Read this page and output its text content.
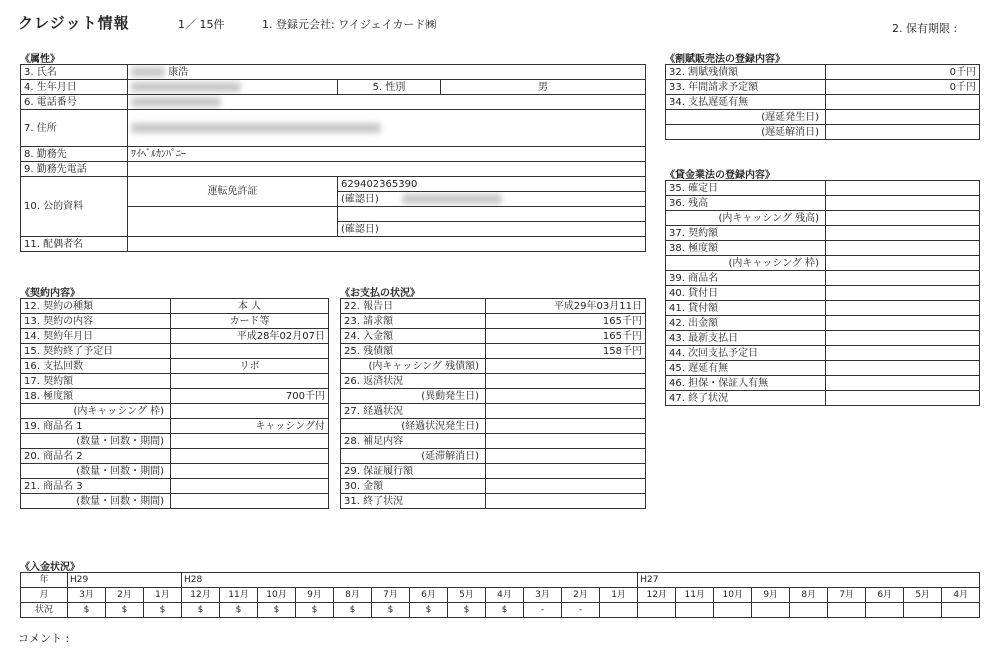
クレジット情報	1／ 15件	1. 登録元会社: ワイジェイカード㈱	2. 保有期限 :
《属性》
3. 氏名	康浩		
4. 生年月日		5. 性別	男
6. 電話番号			
7. 住所			
8. 勤務先	ﾜｲﾍﾞﾙｶﾝﾊﾟﾆｰ		
9. 勤務先電話			
10. 公的資料	運転免許証	629402365390	
		(確認日)	

		(確認日)	
11. 配偶者名			
《割賦販売法の登録内容》
32. 割賦残債額	0千円
33. 年間請求予定額	0千円
34. 支払遅延有無	
(遅延発生日)	
(遅延解消日)	
《貸金業法の登録内容》
35. 確定日	
36. 残高	
(内キャッシング 残高)	
37. 契約額	
38. 極度額	
(内キャッシング 枠)	
39. 商品名	
40. 貸付日	
41. 貸付額	
42. 出金額	
43. 最新支払日	
44. 次回支払予定日	
45. 遅延有無	
46. 担保・保証人有無	
47. 終了状況	
《契約内容》
12. 契約の種類	本 人
13. 契約の内容	カード等
14. 契約年月日	平成28年02月07日
15. 契約終了予定日	
16. 支払回数	リボ
17. 契約額	
18. 極度額	700千円
(内キャッシング 枠)	
19. 商品名 1	キャッシング付
(数量・回数・期間)	
20. 商品名 2	
(数量・回数・期間)	
21. 商品名 3	
(数量・回数・期間)	
《お支払の状況》
22. 報告日	平成29年03月11日
23. 請求額	165千円
24. 入金額	165千円
25. 残債額	158千円
(内キャッシング 残債額)	
26. 返済状況	
(異動発生日)	
27. 経過状況	
(経過状況発生日)	
28. 補足内容	
(延滞解消日)	
29. 保証履行額	
30. 金額	
31. 終了状況	
《入金状況》
年	H29			H28												H27								
月	3月	2月	1月	12月	11月	10月	9月	8月	7月	6月	5月	4月	3月	2月	1月	12月	11月	10月	9月	8月	7月	6月	5月	4月
状況	$	$	$	$	$	$	$	$	$	$	$	$	-	-										
コメント :
